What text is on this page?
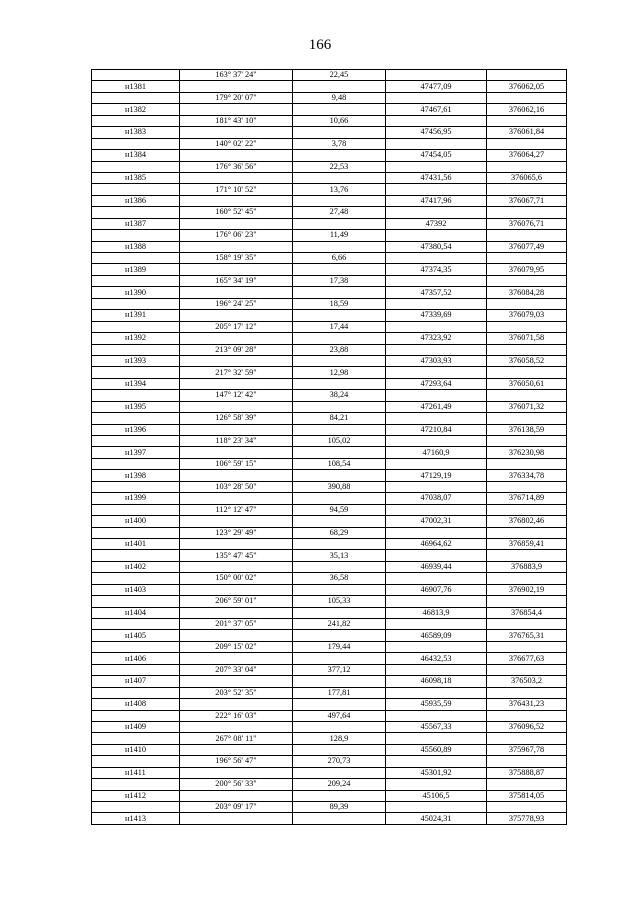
166
	163° 37' 24"	22,45		
н1381			47477,09	376062,05
	179° 20' 07"	9,48		
н1382			47467,61	376062,16
	181° 43' 10"	10,66		
н1383			47456,95	376061,84
	140° 02' 22"	3,78		
н1384			47454,05	376064,27
	176° 36' 56"	22,53		
н1385			47431,56	376065,6
	171° 10' 52"	13,76		
н1386			47417,96	376067,71
	160° 52' 45"	27,48		
н1387			47392	376076,71
	176° 06' 23"	11,49		
н1388			47380,54	376077,49
	158° 19' 35"	6,66		
н1389			47374,35	376079,95
	165° 34' 19"	17,38		
н1390			47357,52	376084,28
	196° 24' 25"	18,59		
н1391			47339,69	376079,03
	205° 17' 12"	17,44		
н1392			47323,92	376071,58
	213° 09' 28"	23,88		
н1393			47303,93	376058,52
	217° 32' 59"	12,98		
н1394			47293,64	376050,61
	147° 12' 42"	38,24		
н1395			47261,49	376071,32
	126° 58' 39"	84,21		
н1396			47210,84	376138,59
	118° 23' 34"	105,02		
н1397			47160,9	376230,98
	106° 59' 15"	108,54		
н1398			47129,19	376334,78
	103° 28' 50"	390,88		
н1399			47038,07	376714,89
	112° 12' 47"	94,59		
н1400			47002,31	376802,46
	123° 29' 49"	68,29		
н1401			46964,62	376859,41
	135° 47' 45"	35,13		
н1402			46939,44	376883,9
	150° 00' 02"	36,58		
н1403			46907,76	376902,19
	206° 59' 01"	105,33		
н1404			46813,9	376854,4
	201° 37' 05"	241,82		
н1405			46589,09	376765,31
	209° 15' 02"	179,44		
н1406			46432,53	376677,63
	207° 33' 04"	377,12		
н1407			46098,18	376503,2
	203° 52' 35"	177,81		
н1408			45935,59	376431,23
	222° 16' 03"	497,64		
н1409			45567,33	376096,52
	267° 08' 11"	128,9		
н1410			45560,89	375967,78
	196° 56' 47"	270,73		
н1411			45301,92	375888,87
	200° 56' 33"	209,24		
н1412			45106,5	375814,05
	203° 09' 17"	89,39		
н1413			45024,31	375778,93
